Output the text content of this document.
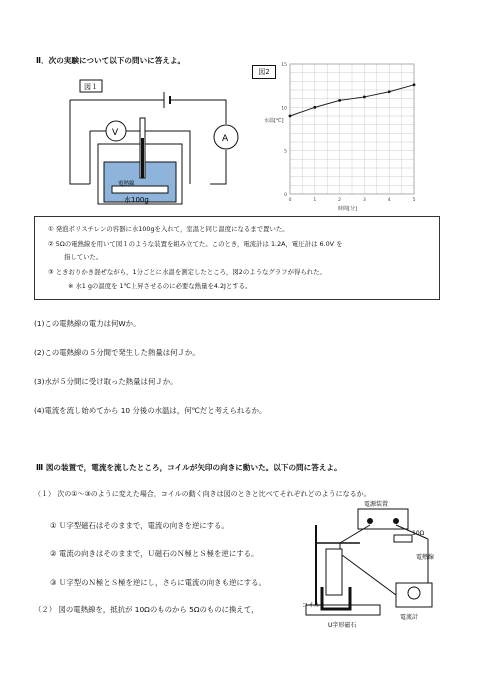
Ⅱ．次の実験について以下の問いに答えよ。
図１
A
V
電熱線
水100g
図2
0
5
10
15
0	1	2	3	4	5
水温[℃]
時間[分]
① 発泡ポリスチレンの容器に水100gを入れて，室温と同じ温度になるまで置いた。
② 5Ωの電熱線を用いて図１のような装置を組み立てた。このとき，電流計は 1.2A，電圧計は 6.0V を
指していた。
③ ときおりかき混ぜながら，1分ごとに水温を測定したところ，図2のようなグラフが得られた。
※ 水1 gの温度を 1℃上昇させるのに必要な熱量を4.2Jとする。
(1)この電熱線の電力は何Wか。
(2)この電熱線の５分間で発生した熱量は何Ｊか。
(3)水が５分間に受け取った熱量は何Ｊか。
(4)電流を流し始めてから 10 分後の水温は，何℃だと考えられるか。
Ⅲ 図の装置で，電流を流したところ，コイルが矢印の向きに動いた。以下の問に答えよ。
（１） 次の①～③のように変えた場合，コイルの動く向きは図のときと比べてそれぞれどのようになるか。
① Ｕ字型磁石はそのままで，電流の向きを逆にする。
② 電流の向きはそのままで，Ｕ磁石のＮ極とＳ極を逆にする。
③ Ｕ字型のＮ極とＳ極を逆にし，さらに電流の向きも逆にする。
（２） 図の電熱線を，抵抗が 10Ωのものから 5Ωのものに換えて，
電源装置
10Ω
電熱線
コイル
U字形磁石
電流計
